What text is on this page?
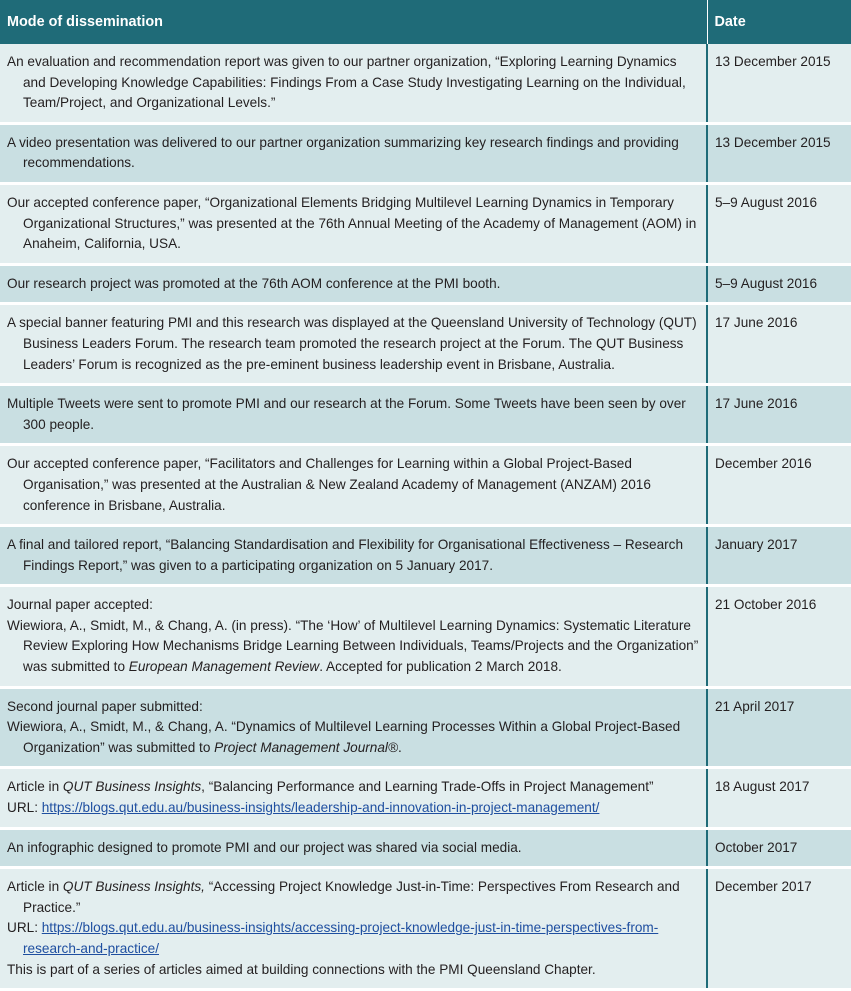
Mode of dissemination	Date

An evaluation and recommendation report was given to our partner organization, “Exploring Learning Dynamics and Developing Knowledge Capabilities: Findings From a Case Study Investigating Learning on the Individual, Team/Project, and Organizational Levels.”	13 December 2015

A video presentation was delivered to our partner organization summarizing key research findings and providing recommendations.	13 December 2015

Our accepted conference paper, “Organizational Elements Bridging Multilevel Learning Dynamics in Temporary Organizational Structures,” was presented at the 76th Annual Meeting of the Academy of Management (AOM) in Anaheim, California, USA.	5–9 August 2016

Our research project was promoted at the 76th AOM conference at the PMI booth.	5–9 August 2016

A special banner featuring PMI and this research was displayed at the Queensland University of Technology (QUT) Business Leaders Forum. The research team promoted the research project at the Forum. The QUT Business Leaders’ Forum is recognized as the pre-eminent business leadership event in Brisbane, Australia.	17 June 2016

Multiple Tweets were sent to promote PMI and our research at the Forum. Some Tweets have been seen by over 300 people.	17 June 2016

Our accepted conference paper, “Facilitators and Challenges for Learning within a Global Project-Based Organisation,” was presented at the Australian & New Zealand Academy of Management (ANZAM) 2016 conference in Brisbane, Australia.	December 2016

A final and tailored report, “Balancing Standardisation and Flexibility for Organisational Effectiveness – Research Findings Report,” was given to a participating organization on 5 January 2017.	January 2017

Journal paper accepted:
Wiewiora, A., Smidt, M., & Chang, A. (in press). “The ‘How’ of Multilevel Learning Dynamics: Systematic Literature Review Exploring How Mechanisms Bridge Learning Between Individuals, Teams/Projects and the Organization” was submitted to European Management Review. Accepted for publication 2 March 2018.	21 October 2016

Second journal paper submitted:
Wiewiora, A., Smidt, M., & Chang, A. “Dynamics of Multilevel Learning Processes Within a Global Project-Based Organization” was submitted to Project Management Journal®.	21 April 2017

Article in QUT Business Insights, “Balancing Performance and Learning Trade-Offs in Project Management”
URL: https://blogs.qut.edu.au/business-insights/leadership-and-innovation-in-project-management/	18 August 2017

An infographic designed to promote PMI and our project was shared via social media.	October 2017

Article in QUT Business Insights, “Accessing Project Knowledge Just-in-Time: Perspectives From Research and Practice.”
URL: https://blogs.qut.edu.au/business-insights/accessing-project-knowledge-just-in-time-perspectives-from-research-and-practice/
This is part of a series of articles aimed at building connections with the PMI Queensland Chapter.	December 2017
